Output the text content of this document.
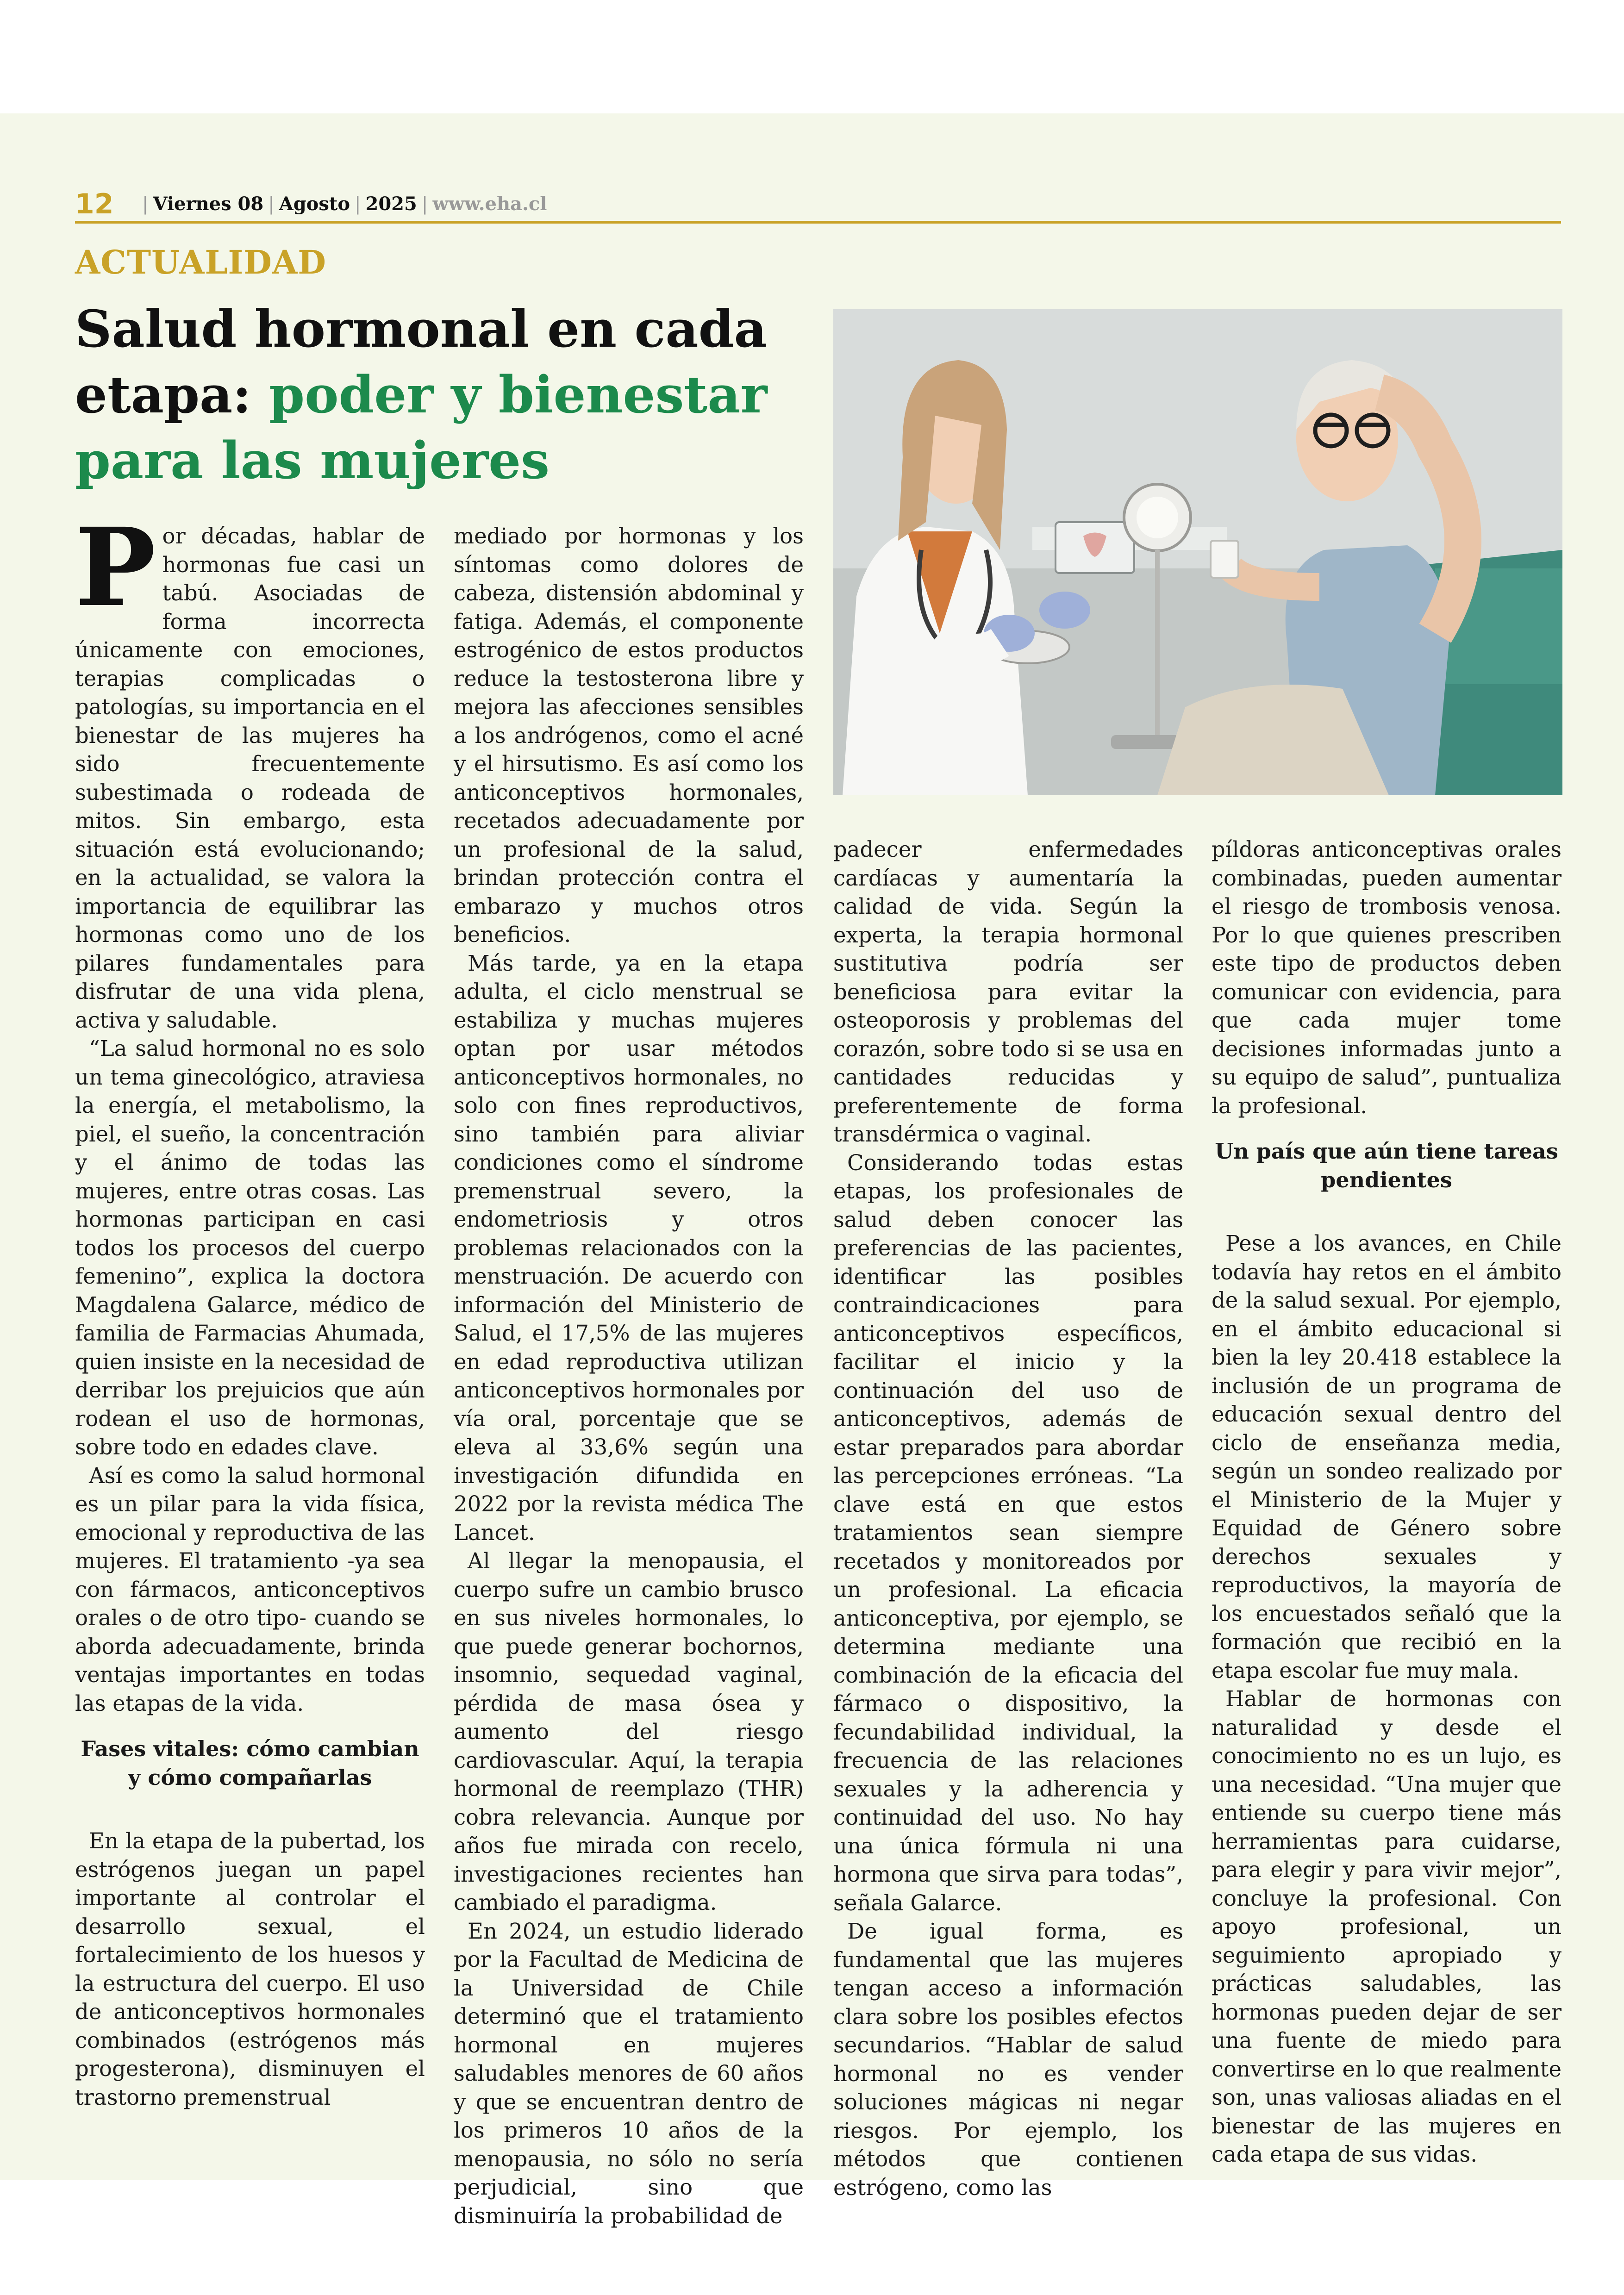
12 | Viernes 08 | Agosto | 2025 | www.eha.cl
ACTUALIDAD
Salud hormonal en cada etapa: poder y bienestar para las mujeres

Por décadas, hablar de hormonas fue casi un tabú. Asociadas de forma incorrecta únicamente con emociones, terapias complicadas o patologías, su importancia en el bienestar de las mujeres ha sido frecuentemente subestimada o rodeada de mitos. Sin embargo, esta situación está evolucionando; en la actualidad, se valora la importancia de equilibrar las hormonas como uno de los pilares fundamentales para disfrutar de una vida plena, activa y saludable.

“La salud hormonal no es solo un tema ginecológico, atraviesa la energía, el metabolismo, la piel, el sueño, la concentración y el ánimo de todas las mujeres, entre otras cosas. Las hormonas participan en casi todos los procesos del cuerpo femenino”, explica la doctora Magdalena Galarce, médico de familia de Farmacias Ahumada, quien insiste en la necesidad de derribar los prejuicios que aún rodean el uso de hormonas, sobre todo en edades clave.

Así es como la salud hormonal es un pilar para la vida física, emocional y reproductiva de las mujeres. El tratamiento -ya sea con fármacos, anticonceptivos orales o de otro tipo- cuando se aborda adecuadamente, brinda ventajas importantes en todas las etapas de la vida.

Fases vitales: cómo cambian y cómo compañarlas

En la etapa de la pubertad, los estrógenos juegan un papel importante al controlar el desarrollo sexual, el fortalecimiento de los huesos y la estructura del cuerpo. El uso de anticonceptivos hormonales combinados (estrógenos más progesterona), disminuyen el trastorno premenstrual

mediado por hormonas y los síntomas como dolores de cabeza, distensión abdominal y fatiga. Además, el componente estrogénico de estos productos reduce la testosterona libre y mejora las afecciones sensibles a los andrógenos, como el acné y el hirsutismo. Es así como los anticonceptivos hormonales, recetados adecuadamente por un profesional de la salud, brindan protección contra el embarazo y muchos otros beneficios.

Más tarde, ya en la etapa adulta, el ciclo menstrual se estabiliza y muchas mujeres optan por usar métodos anticonceptivos hormonales, no solo con fines reproductivos, sino también para aliviar condiciones como el síndrome premenstrual severo, la endometriosis y otros problemas relacionados con la menstruación. De acuerdo con información del Ministerio de Salud, el 17,5% de las mujeres en edad reproductiva utilizan anticonceptivos hormonales por vía oral, porcentaje que se eleva al 33,6% según una investigación difundida en 2022 por la revista médica The Lancet.

Al llegar la menopausia, el cuerpo sufre un cambio brusco en sus niveles hormonales, lo que puede generar bochornos, insomnio, sequedad vaginal, pérdida de masa ósea y aumento del riesgo cardiovascular. Aquí, la terapia hormonal de reemplazo (THR) cobra relevancia. Aunque por años fue mirada con recelo, investigaciones recientes han cambiado el paradigma.

En 2024, un estudio liderado por la Facultad de Medicina de la Universidad de Chile determinó que el tratamiento hormonal en mujeres saludables menores de 60 años y que se encuentran dentro de los primeros 10 años de la menopausia, no sólo no sería perjudicial, sino que disminuiría la probabilidad de

padecer enfermedades cardíacas y aumentaría la calidad de vida. Según la experta, la terapia hormonal sustitutiva podría ser beneficiosa para evitar la osteoporosis y problemas del corazón, sobre todo si se usa en cantidades reducidas y preferentemente de forma transdérmica o vaginal.

Considerando todas estas etapas, los profesionales de salud deben conocer las preferencias de las pacientes, identificar las posibles contraindicaciones para anticonceptivos específicos, facilitar el inicio y la continuación del uso de anticonceptivos, además de estar preparados para abordar las percepciones erróneas. “La clave está en que estos tratamientos sean siempre recetados y monitoreados por un profesional. La eficacia anticonceptiva, por ejemplo, se determina mediante una combinación de la eficacia del fármaco o dispositivo, la fecundabilidad individual, la frecuencia de las relaciones sexuales y la adherencia y continuidad del uso. No hay una única fórmula ni una hormona que sirva para todas”, señala Galarce.

De igual forma, es fundamental que las mujeres tengan acceso a información clara sobre los posibles efectos secundarios. “Hablar de salud hormonal no es vender soluciones mágicas ni negar riesgos. Por ejemplo, los métodos que contienen estrógeno, como las

píldoras anticonceptivas orales combinadas, pueden aumentar el riesgo de trombosis venosa. Por lo que quienes prescriben este tipo de productos deben comunicar con evidencia, para que cada mujer tome decisiones informadas junto a su equipo de salud”, puntualiza la profesional.

Un país que aún tiene tareas pendientes

Pese a los avances, en Chile todavía hay retos en el ámbito de la salud sexual. Por ejemplo, en el ámbito educacional si bien la ley 20.418 establece la inclusión de un programa de educación sexual dentro del ciclo de enseñanza media, según un sondeo realizado por el Ministerio de la Mujer y Equidad de Género sobre derechos sexuales y reproductivos, la mayoría de los encuestados señaló que la formación que recibió en la etapa escolar fue muy mala.

Hablar de hormonas con naturalidad y desde el conocimiento no es un lujo, es una necesidad. “Una mujer que entiende su cuerpo tiene más herramientas para cuidarse, para elegir y para vivir mejor”, concluye la profesional. Con apoyo profesional, un seguimiento apropiado y prácticas saludables, las hormonas pueden dejar de ser una fuente de miedo para convertirse en lo que realmente son, unas valiosas aliadas en el bienestar de las mujeres en cada etapa de sus vidas.
